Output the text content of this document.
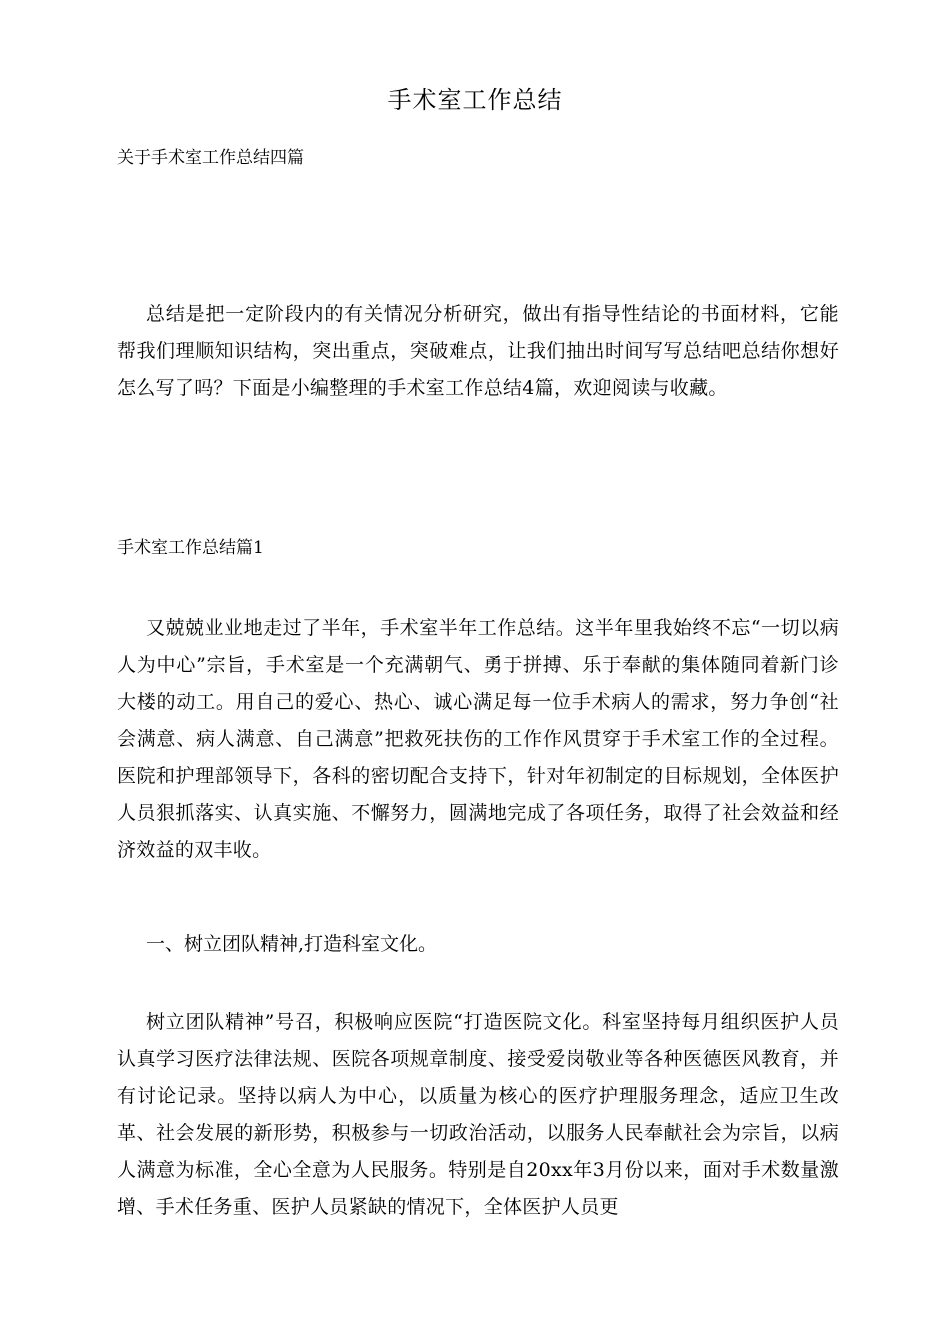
手术室工作总结

关于手术室工作总结四篇

总结是把一定阶段内的有关情况分析研究，做出有指导性结论的书面材料，它能帮我们理顺知识结构，突出重点，突破难点，让我们抽出时间写写总结吧总结你想好怎么写了吗？下面是小编整理的手术室工作总结4篇，欢迎阅读与收藏。

手术室工作总结篇1

又兢兢业业地走过了半年，手术室半年工作总结。这半年里我始终不忘“一切以病人为中心”宗旨，手术室是一个充满朝气、勇于拼搏、乐于奉献的集体随同着新门诊大楼的动工。用自己的爱心、热心、诚心满足每一位手术病人的需求，努力争创“社会满意、病人满意、自己满意”把救死扶伤的工作作风贯穿于手术室工作的全过程。医院和护理部领导下，各科的密切配合支持下，针对年初制定的目标规划，全体医护人员狠抓落实、认真实施、不懈努力，圆满地完成了各项任务，取得了社会效益和经济效益的双丰收。

一、树立团队精神,打造科室文化。

树立团队精神”号召，积极响应医院“打造医院文化。科室坚持每月组织医护人员认真学习医疗法律法规、医院各项规章制度、接受爱岗敬业等各种医德医风教育，并有讨论记录。坚持以病人为中心，以质量为核心的医疗护理服务理念，适应卫生改革、社会发展的新形势，积极参与一切政治活动，以服务人民奉献社会为宗旨，以病人满意为标准，全心全意为人民服务。特别是自20xx年3月份以来，面对手术数量激增、手术任务重、医护人员紧缺的情况下，全体医护人员更
